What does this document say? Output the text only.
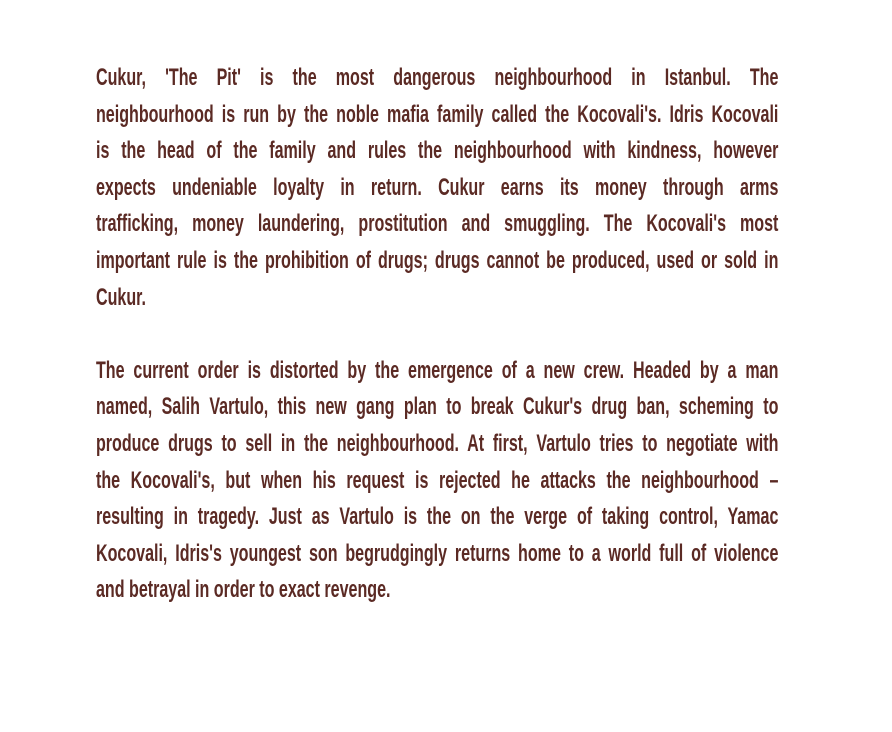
Cukur, 'The Pit' is the most dangerous neighbourhood in Istanbul. The
neighbourhood is run by the noble mafia family called the Kocovali's. Idris Kocovali
is the head of the family and rules the neighbourhood with kindness, however
expects undeniable loyalty in return. Cukur earns its money through arms
trafficking, money laundering, prostitution and smuggling. The Kocovali's most
important rule is the prohibition of drugs; drugs cannot be produced, used or sold in
Cukur.
The current order is distorted by the emergence of a new crew. Headed by a man
named, Salih Vartulo, this new gang plan to break Cukur's drug ban, scheming to
produce drugs to sell in the neighbourhood. At first, Vartulo tries to negotiate with
the Kocovali's, but when his request is rejected he attacks the neighbourhood –
resulting in tragedy. Just as Vartulo is the on the verge of taking control, Yamac
Kocovali, Idris's youngest son begrudgingly returns home to a world full of violence
and betrayal in order to exact revenge.
